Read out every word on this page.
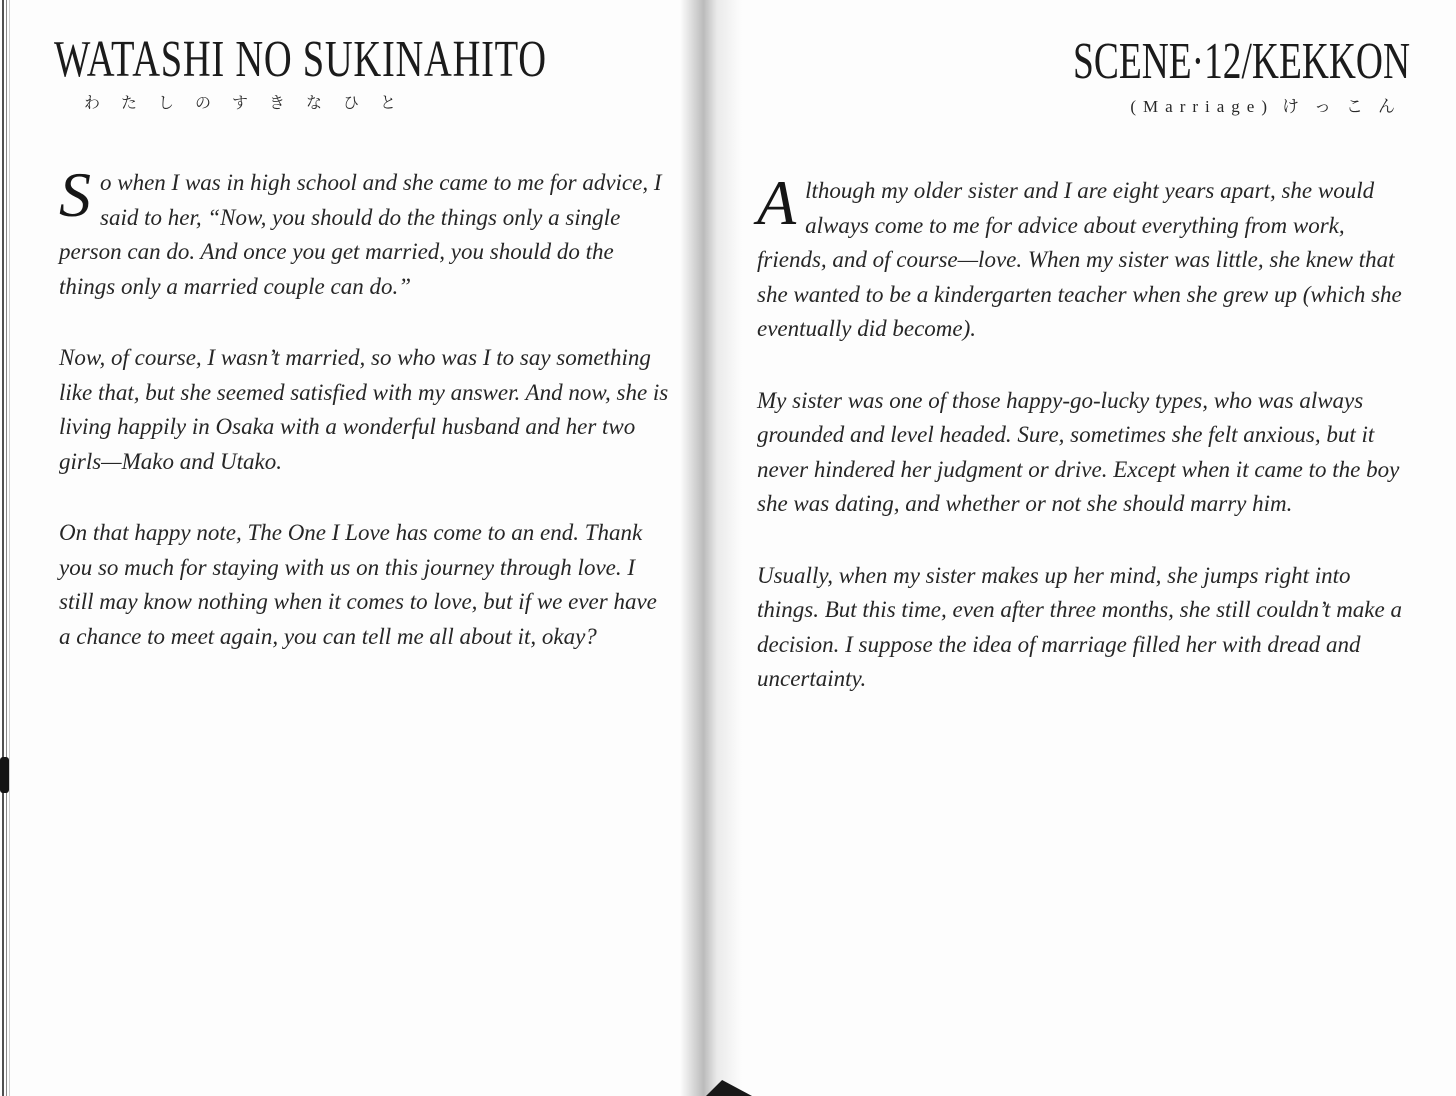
WATASHI NO SUKINAHITO
わたしのすきなひと

So when I was in high school and she came to me for advice, I said to her, “Now, you should do the things only a single person can do. And once you get married, you should do the things only a married couple can do.”

Now, of course, I wasn’t married, so who was I to say something like that, but she seemed satisfied with my answer. And now, she is living happily in Osaka with a wonderful husband and her two girls—Mako and Utako.

On that happy note, The One I Love has come to an end. Thank you so much for staying with us on this journey through love. I still may know nothing when it comes to love, but if we ever have a chance to meet again, you can tell me all about it, okay?

SCENE·12/KEKKON
(Marriage) けっこん

Although my older sister and I are eight years apart, she would always come to me for advice about everything from work, friends, and of course—love. When my sister was little, she knew that she wanted to be a kindergarten teacher when she grew up (which she eventually did become).

My sister was one of those happy-go-lucky types, who was always grounded and level headed. Sure, sometimes she felt anxious, but it never hindered her judgment or drive. Except when it came to the boy she was dating, and whether or not she should marry him.

Usually, when my sister makes up her mind, she jumps right into things. But this time, even after three months, she still couldn’t make a decision. I suppose the idea of marriage filled her with dread and uncertainty.
